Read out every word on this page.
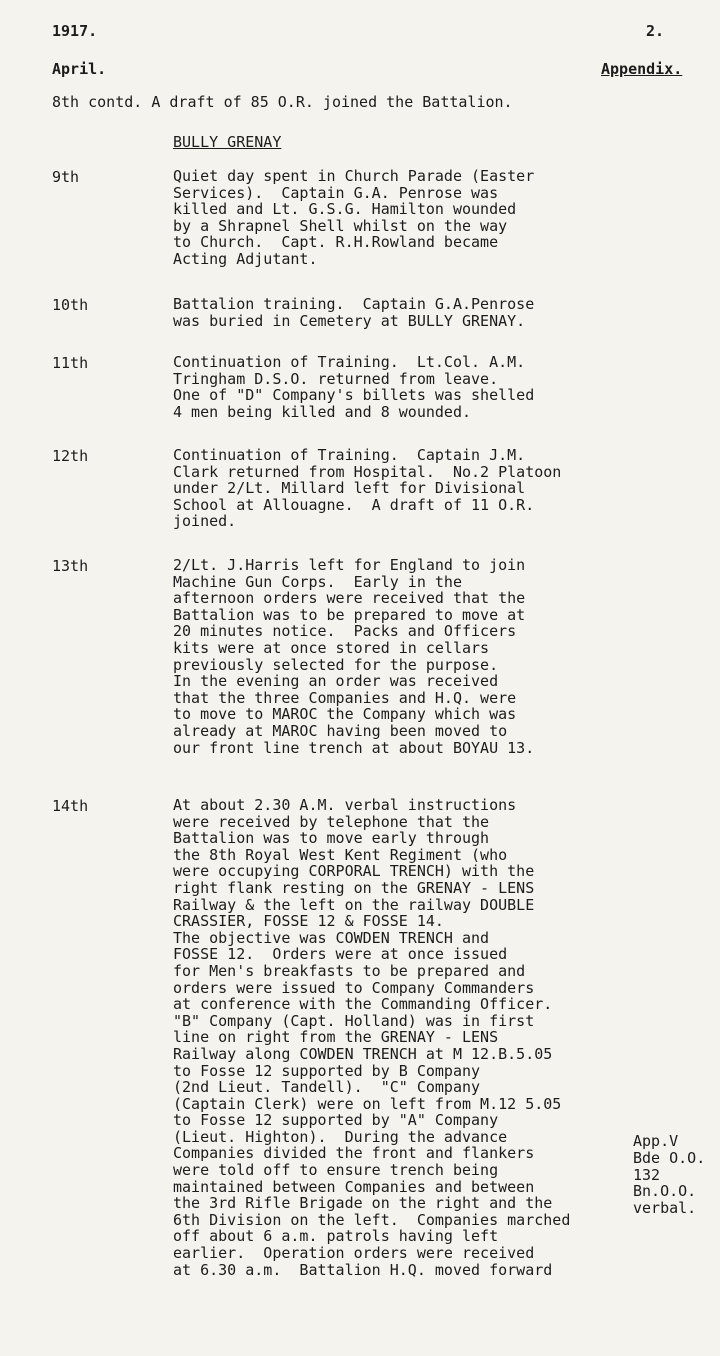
1917.	2.
April.	Appendix.
8th contd. A draft of 85 O.R. joined the Battalion.
BULLY GRENAY
9th	Quiet day spent in Church Parade (Easter
Services).  Captain G.A. Penrose was
killed and Lt. G.S.G. Hamilton wounded
by a Shrapnel Shell whilst on the way
to Church.  Capt. R.H.Rowland became
Acting Adjutant.
10th	Battalion training.  Captain G.A.Penrose
was buried in Cemetery at BULLY GRENAY.
11th	Continuation of Training.  Lt.Col. A.M.
Tringham D.S.O. returned from leave.
One of "D" Company's billets was shelled
4 men being killed and 8 wounded.
12th	Continuation of Training.  Captain J.M.
Clark returned from Hospital.  No.2 Platoon
under 2/Lt. Millard left for Divisional
School at Allouagne.  A draft of 11 O.R.
joined.
13th	2/Lt. J.Harris left for England to join
Machine Gun Corps.  Early in the
afternoon orders were received that the
Battalion was to be prepared to move at
20 minutes notice.  Packs and Officers
kits were at once stored in cellars
previously selected for the purpose.
In the evening an order was received
that the three Companies and H.Q. were
to move to MAROC the Company which was
already at MAROC having been moved to
our front line trench at about BOYAU 13.
14th	At about 2.30 A.M. verbal instructions
were received by telephone that the
Battalion was to move early through
the 8th Royal West Kent Regiment (who
were occupying CORPORAL TRENCH) with the
right flank resting on the GRENAY - LENS
Railway & the left on the railway DOUBLE
CRASSIER, FOSSE 12 & FOSSE 14.
The objective was COWDEN TRENCH and
FOSSE 12.  Orders were at once issued
for Men's breakfasts to be prepared and
orders were issued to Company Commanders
at conference with the Commanding Officer.
"B" Company (Capt. Holland) was in first
line on right from the GRENAY - LENS
Railway along COWDEN TRENCH at M 12.B.5.05
to Fosse 12 supported by B Company
(2nd Lieut. Tandell).  "C" Company
(Captain Clerk) were on left from M.12 5.05
to Fosse 12 supported by "A" Company
(Lieut. Highton).  During the advance
Companies divided the front and flankers
were told off to ensure trench being
maintained between Companies and between
the 3rd Rifle Brigade on the right and the
6th Division on the left.  Companies marched
off about 6 a.m. patrols having left
earlier.  Operation orders were received
at 6.30 a.m.  Battalion H.Q. moved forward
App.V
Bde O.O.
132
Bn.O.O.
verbal.
